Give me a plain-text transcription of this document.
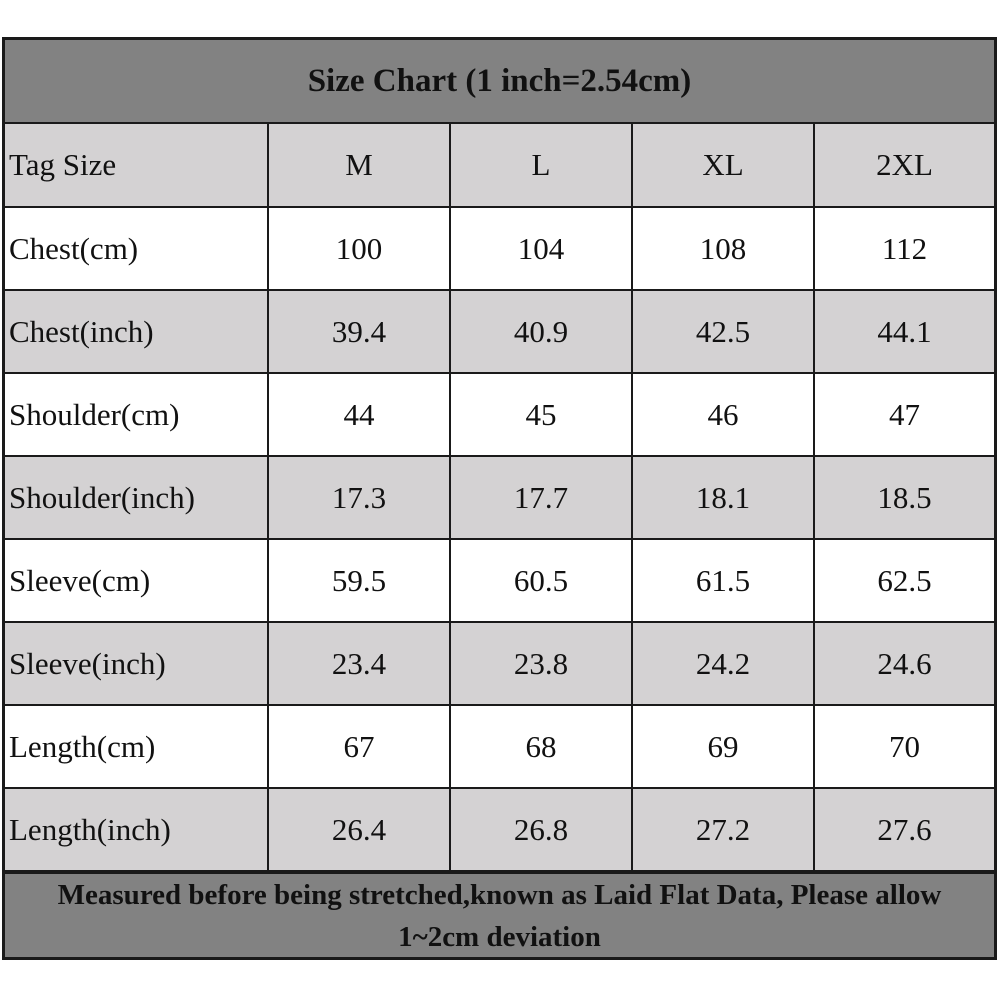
Size Chart (1 inch=2.54cm)
Tag Size	M	L	XL	2XL
Chest(cm)	100	104	108	112
Chest(inch)	39.4	40.9	42.5	44.1
Shoulder(cm)	44	45	46	47
Shoulder(inch)	17.3	17.7	18.1	18.5
Sleeve(cm)	59.5	60.5	61.5	62.5
Sleeve(inch)	23.4	23.8	24.2	24.6
Length(cm)	67	68	69	70
Length(inch)	26.4	26.8	27.2	27.6
Measured before being stretched,known as Laid Flat Data, Please allow 1~2cm deviation
